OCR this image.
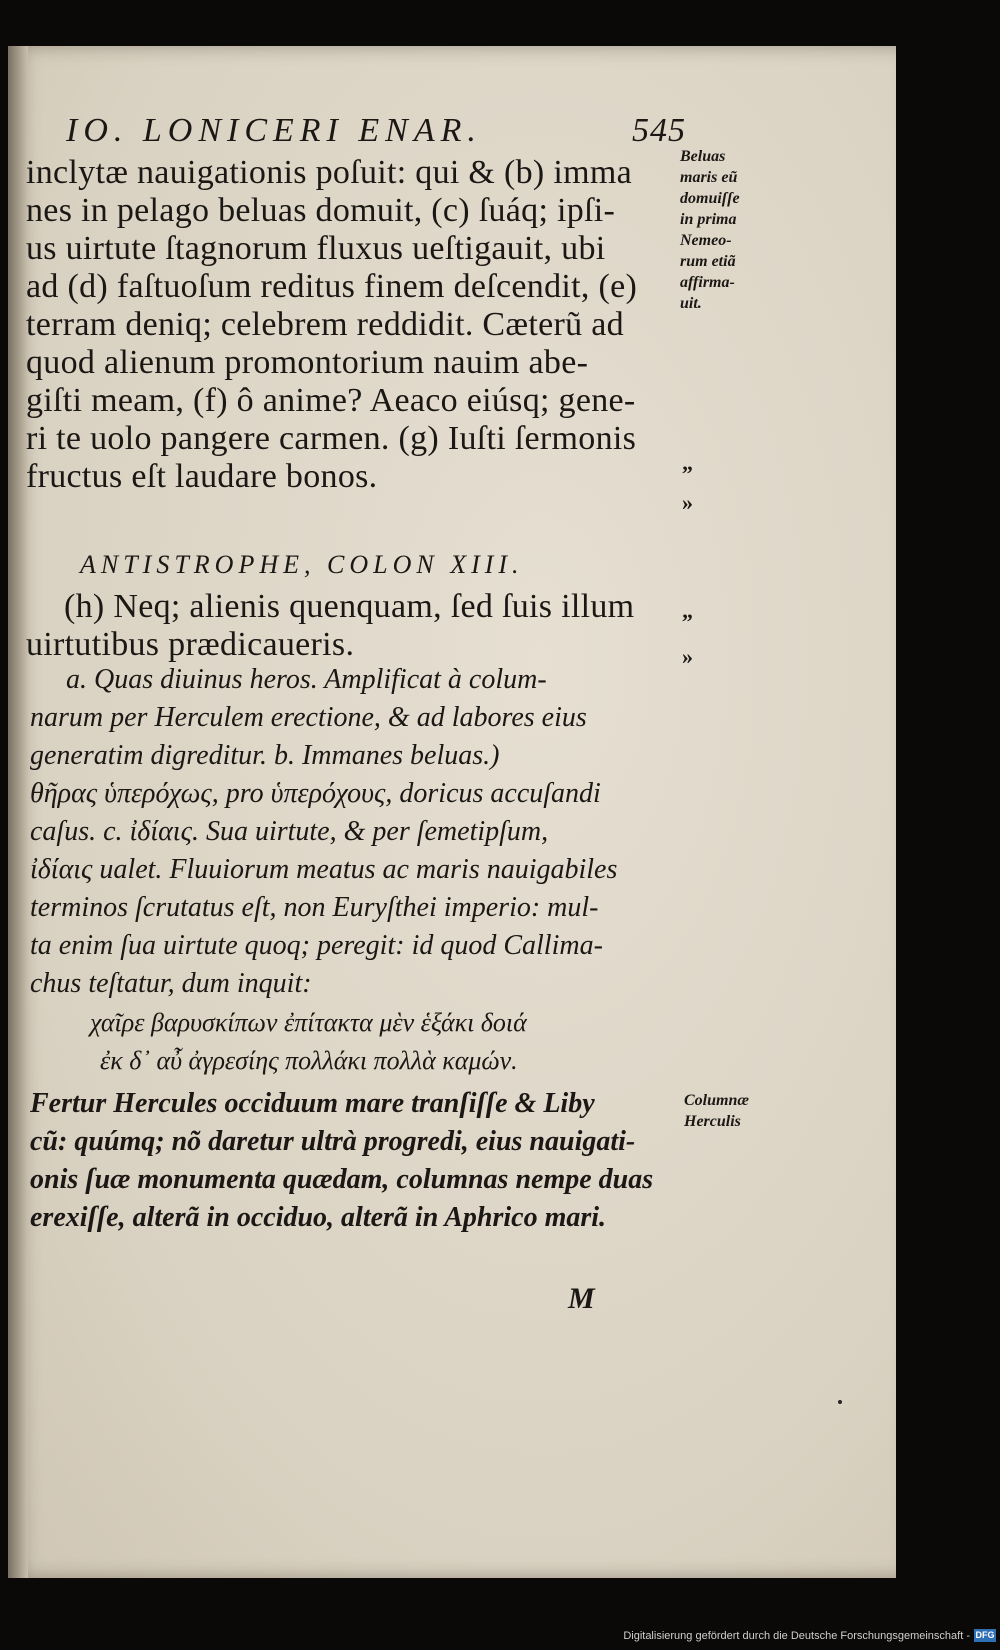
IO. LONICERI ENAR.	545
inclytæ nauigationis poſuit: qui & (b) imma
nes in pelago beluas domuit, (c) ſuáq; ipſi-
us uirtute ſtagnorum fluxus ueſtigauit, ubi
ad (d) faſtuoſum reditus finem deſcendit, (e)
terram deniq; celebrem reddidit. Cæterũ ad
quod alienum promontorium nauim abe-
giſti meam, (f) ô anime? Aeaco eiúsq; gene-
ri te uolo pangere carmen. (g) Iuſti ſermonis
fructus eſt laudare bonos.
ANTISTROPHE, COLON XIII.
(h) Neq; alienis quenquam, ſed ſuis illum
uirtutibus prædicaueris.
a. Quas diuinus heros. Amplificat à colum-
narum per Herculem erectione, & ad labores eius
generatim digreditur. b. Immanes beluas.)
θῆρας ὑπερόχως, pro ὑπερόχους, doricus accuſandi
caſus. c. ἰδίαις. Sua uirtute, & per ſemetipſum,
ἰδίαις ualet. Fluuiorum meatus ac maris nauigabiles
terminos ſcrutatus eſt, non Euryſthei imperio: mul-
ta enim ſua uirtute quoq; peregit: id quod Callima-
chus teſtatur, dum inquit:
χαῖρε βαρυσκίπων ἐπίτακτα μὲν ἑξάκι δοιά
ἐκ δ᾽ αὖ ἀγρεσίης πολλάκι πολλὰ καμών.
Fertur Hercules occiduum mare tranſiſſe & Liby
cũ: quúmq; nõ daretur ultrà progredi, eius nauigati-
onis ſuæ monumenta quædam, columnas nempe duas
erexiſſe, alterã in occiduo, alterã in Aphrico mari.
M
Beluas
maris eũ
domuiſſe
in prima
Nemeo-
rum etiã
affirma-
uit.
Columnæ
Herculis
„
»
„
»
Digitalisierung gefördert durch die Deutsche Forschungsgemeinschaft - DFG
